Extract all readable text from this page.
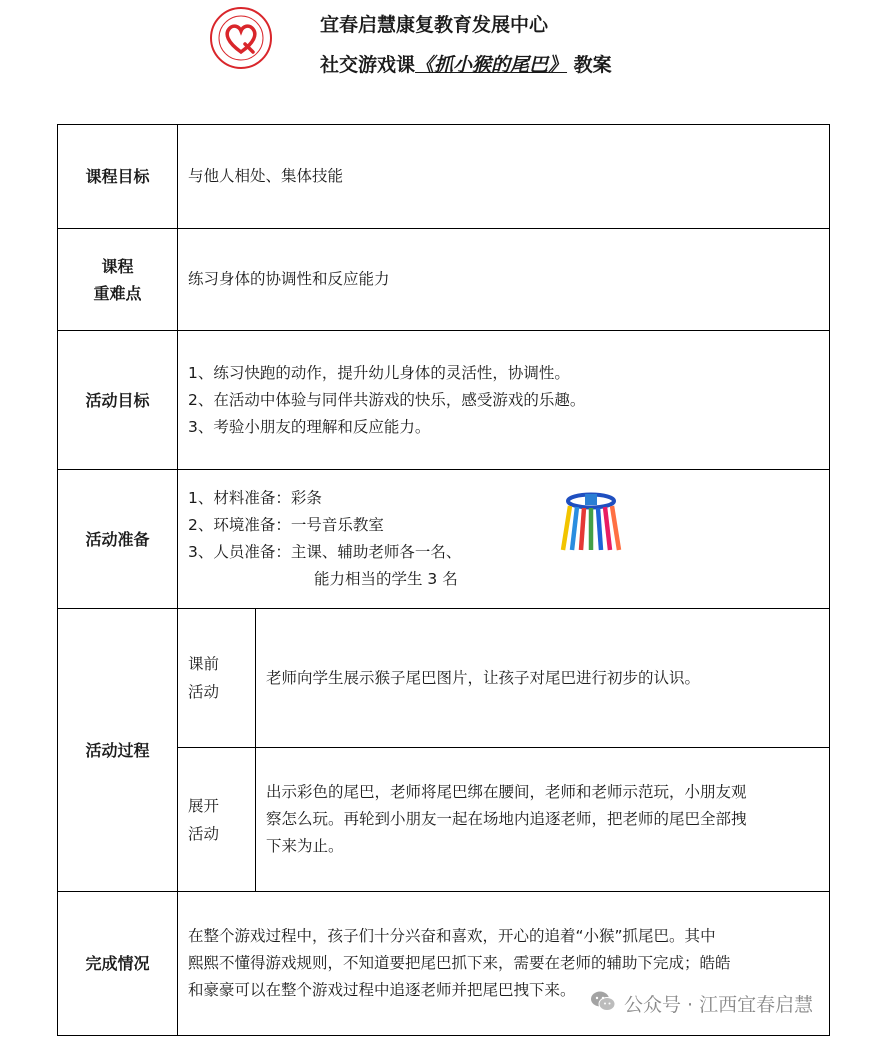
宜春启慧康复教育发展中心
社交游戏课《抓小猴的尾巴》 教案
课程目标 与他人相处、集体技能
课程
重难点
练习身体的协调性和反应能力
活动目标
1、练习快跑的动作，提升幼儿身体的灵活性，协调性。
2、在活动中体验与同伴共游戏的快乐，感受游戏的乐趣。
3、考验小朋友的理解和反应能力。
活动准备
1、材料准备：彩条
2、环境准备：一号音乐教室
3、人员准备：主课、辅助老师各一名、
能力相当的学生 3 名
活动过程
课前
活动
老师向学生展示猴子尾巴图片，让孩子对尾巴进行初步的认识。
展开
活动
出示彩色的尾巴，老师将尾巴绑在腰间，老师和老师示范玩，小朋友观
察怎么玩。再轮到小朋友一起在场地内追逐老师，把老师的尾巴全部拽
下来为止。
完成情况
在整个游戏过程中，孩子们十分兴奋和喜欢，开心的追着“小猴”抓尾巴。其中
熙熙不懂得游戏规则，不知道要把尾巴抓下来，需要在老师的辅助下完成；皓皓
和豪豪可以在整个游戏过程中追逐老师并把尾巴拽下来。
公众号 · 江西宜春启慧
